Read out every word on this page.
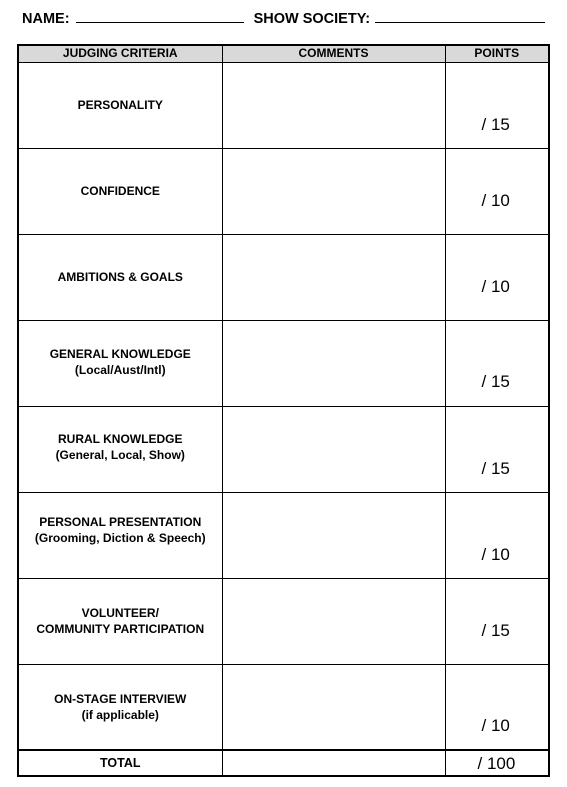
NAME:	SHOW SOCIETY:
JUDGING CRITERIA	COMMENTS	POINTS

PERSONALITY		/ 15

CONFIDENCE		/ 10

AMBITIONS & GOALS		/ 10

GENERAL KNOWLEDGE
(Local/Aust/Intl)		/ 15

RURAL KNOWLEDGE
(General, Local, Show)		/ 15

PERSONAL PRESENTATION
(Grooming, Diction & Speech)		/ 10

VOLUNTEER/
COMMUNITY PARTICIPATION		/ 15

ON-STAGE INTERVIEW
(if applicable)		/ 10

TOTAL		/ 100
